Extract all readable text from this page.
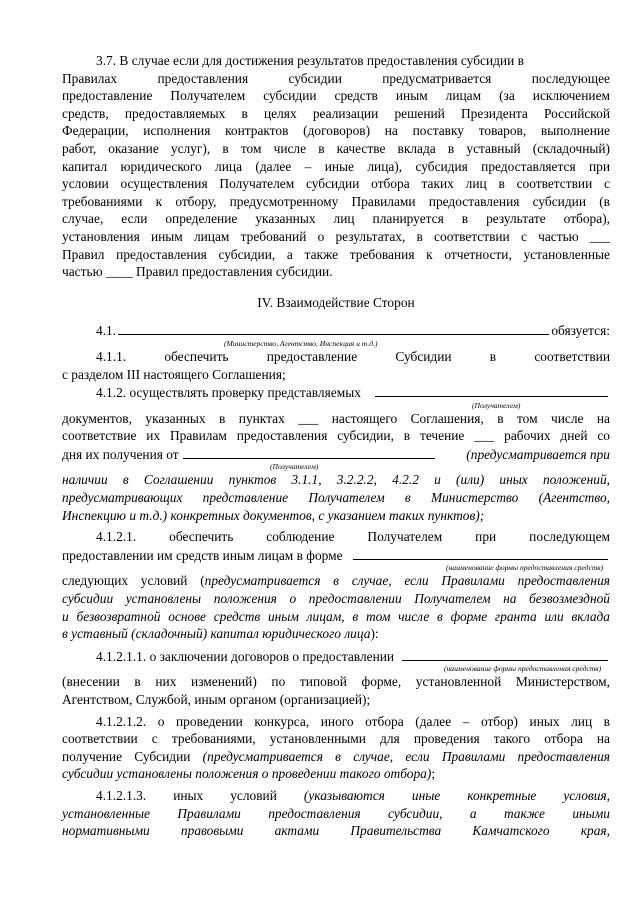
3.7. В случае если для достижения результатов предоставления субсидии в
Правилах предоставления субсидии предусматривается последующее
предоставление Получателем субсидии средств иным лицам (за исключением
средств, предоставляемых в целях реализации решений Президента Российской
Федерации, исполнения контрактов (договоров) на поставку товаров, выполнение
работ, оказание услуг), в том числе в качестве вклада в уставный (складочный)
капитал юридического лица (далее – иные лица), субсидия предоставляется при
условии осуществления Получателем субсидии отбора таких лиц в соответствии с
требованиями к отбору, предусмотренному Правилами предоставления субсидии (в
случае, если определение указанных лиц планируется в результате отбора),
установления иным лицам требований о результатах, в соответствии с частью ___
Правил предоставления субсидии, а также требования к отчетности, установленные
частью ____ Правил предоставления субсидии.
IV. Взаимодействие Сторон
4.1.	обязуется:
(Министерство, Агентство, Инспекция и т.д.)
4.1.1. обеспечить предоставление Субсидии в соответствии
с разделом III настоящего Соглашения;
4.1.2. осуществлять проверку представляемых
(Получателем)
документов, указанных в пунктах ___ настоящего Соглашения, в том числе на
соответствие их Правилам предоставления субсидии, в течение ___ рабочих дней со
дня их получения от	(предусматривается при
(Получателем)
наличии в Соглашении пунктов 3.1.1, 3.2.2.2, 4.2.2 и (или) иных положений,
предусматривающих представление Получателем в Министерство (Агентство,
Инспекцию и т.д.) конкретных документов, с указанием таких пунктов);
4.1.2.1. обеспечить соблюдение Получателем при последующем
предоставлении им средств иным лицам в форме
(наименование формы предоставления средств)
следующих условий (предусматривается в случае, если Правилами предоставления
субсидии установлены положения о предоставлении Получателем на безвозмездной
и безвозвратной основе средств иным лицам, в том числе в форме гранта или вклада
в уставный (складочный) капитал юридического лица):
4.1.2.1.1. о заключении договоров о предоставлении
(наименование формы предоставления средств)
(внесении в них изменений) по типовой форме, установленной Министерством,
Агентством, Службой, иным органом (организацией);
4.1.2.1.2. о проведении конкурса, иного отбора (далее – отбор) иных лиц в
соответствии с требованиями, установленными для проведения такого отбора на
получение Субсидии (предусматривается в случае, если Правилами предоставления
субсидии установлены положения о проведении такого отбора);
4.1.2.1.3. иных условий (указываются иные конкретные условия,
установленные Правилами предоставления субсидии, а также иными
нормативными правовыми актами Правительства Камчатского края,
